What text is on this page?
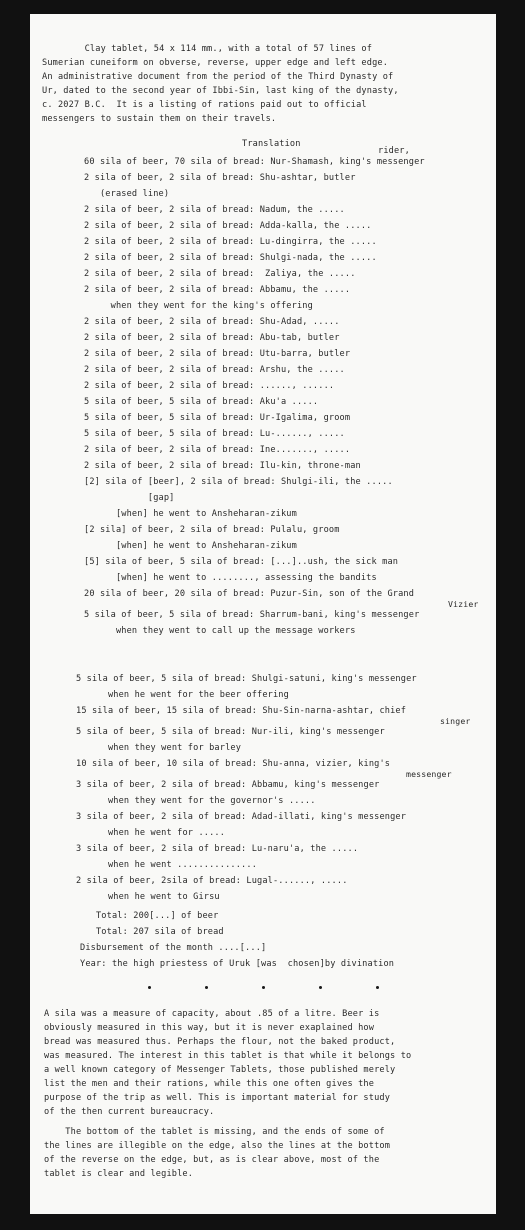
Clay tablet, 54 x 114 mm., with a total of 57 lines of
Sumerian cuneiform on obverse, reverse, upper edge and left edge.
An administrative document from the period of the Third Dynasty of
Ur, dated to the second year of Ibbi-Sin, last king of the dynasty,
c. 2027 B.C.  It is a listing of rations paid out to official
messengers to sustain them on their travels.
Translation
rider,
60 sila of beer, 70 sila of bread: Nur-Shamash, king's messenger
2 sila of beer, 2 sila of bread: Shu-ashtar, butler
(erased line)
2 sila of beer, 2 sila of bread: Nadum, the .....
2 sila of beer, 2 sila of bread: Adda-kalla, the .....
2 sila of beer, 2 sila of bread: Lu-dingirra, the .....
2 sila of beer, 2 sila of bread: Shulgi-nada, the .....
2 sila of beer, 2 sila of bread:  Zaliya, the .....
2 sila of beer, 2 sila of bread: Abbamu, the .....
when they went for the king's offering
2 sila of beer, 2 sila of bread: Shu-Adad, .....
2 sila of beer, 2 sila of bread: Abu-tab, butler
2 sila of beer, 2 sila of bread: Utu-barra, butler
2 sila of beer, 2 sila of bread: Arshu, the .....
2 sila of beer, 2 sila of bread: ......, ......
5 sila of beer, 5 sila of bread: Aku'a .....
5 sila of beer, 5 sila of bread: Ur-Igalima, groom
5 sila of beer, 5 sila of bread: Lu-......, .....
2 sila of beer, 2 sila of bread: Ine......., .....
2 sila of beer, 2 sila of bread: Ilu-kin, throne-man
[2] sila of [beer], 2 sila of bread: Shulgi-ili, the .....
[gap]
[when] he went to Ansheharan-zikum
[2 sila] of beer, 2 sila of bread: Pulalu, groom
[when] he went to Ansheharan-zikum
[5] sila of beer, 5 sila of bread: [...]..ush, the sick man
[when] he went to ........, assessing the bandits
20 sila of beer, 20 sila of bread: Puzur-Sin, son of the Grand
Vizier
5 sila of beer, 5 sila of bread: Sharrum-bani, king's messenger
when they went to call up the message workers
5 sila of beer, 5 sila of bread: Shulgi-satuni, king's messenger
when he went for the beer offering
15 sila of beer, 15 sila of bread: Shu-Sin-narna-ashtar, chief
singer
5 sila of beer, 5 sila of bread: Nur-ili, king's messenger
when they went for barley
10 sila of beer, 10 sila of bread: Shu-anna, vizier, king's
messenger
3 sila of beer, 2 sila of bread: Abbamu, king's messenger
when they went for the governor's .....
3 sila of beer, 2 sila of bread: Adad-illati, king's messenger
when he went for .....
3 sila of beer, 2 sila of bread: Lu-naru'a, the .....
when he went ...............
2 sila of beer, 2sila of bread: Lugal-......, .....
when he went to Girsu
Total: 200[...] of beer
Total: 207 sila of bread
Disbursement of the month ....[...]
Year: the high priestess of Uruk [was  chosen]by divination
A sila was a measure of capacity, about .85 of a litre. Beer is
obviously measured in this way, but it is never exaplained how
bread was measured thus. Perhaps the flour, not the baked product,
was measured. The interest in this tablet is that while it belongs to
a well known category of Messenger Tablets, those published merely
list the men and their rations, while this one often gives the
purpose of the trip as well. This is important material for study
of the then current bureaucracy.
The bottom of the tablet is missing, and the ends of some of
the lines are illegible on the edge, also the lines at the bottom
of the reverse on the edge, but, as is clear above, most of the
tablet is clear and legible.
